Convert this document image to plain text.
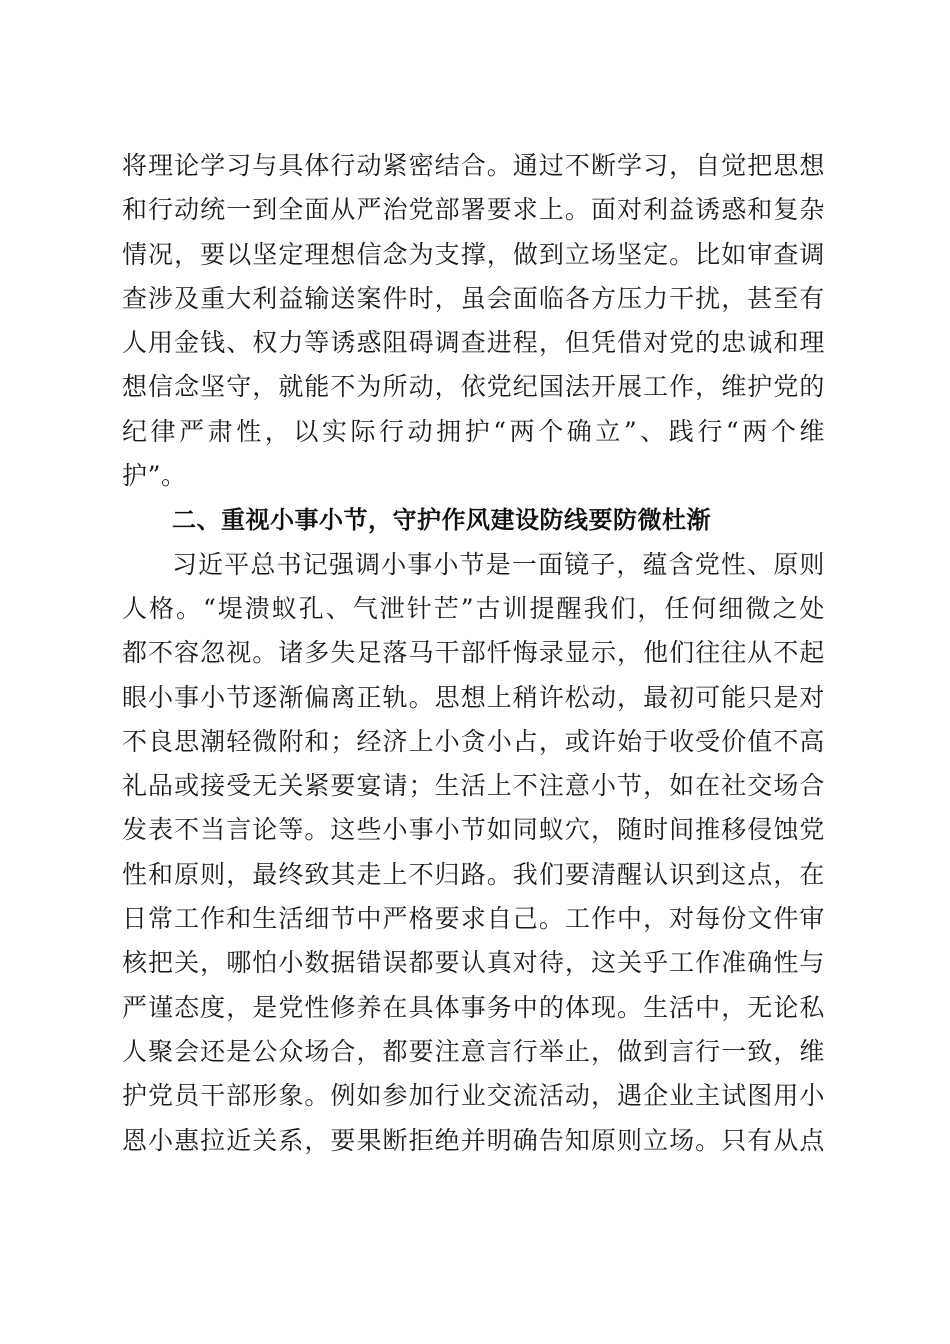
将理论学习与具体行动紧密结合。通过不断学习，自觉把思想
和行动统一到全面从严治党部署要求上。面对利益诱惑和复杂
情况，要以坚定理想信念为支撑，做到立场坚定。比如审查调
查涉及重大利益输送案件时，虽会面临各方压力干扰，甚至有
人用金钱、权力等诱惑阻碍调查进程，但凭借对党的忠诚和理
想信念坚守，就能不为所动，依党纪国法开展工作，维护党的
纪律严肃性，以实际行动拥护“两个确立”、践行“两个维
护”。
二、重视小事小节，守护作风建设防线要防微杜渐
习近平总书记强调小事小节是一面镜子，蕴含党性、原则
人格。“堤溃蚁孔、气泄针芒”古训提醒我们，任何细微之处
都不容忽视。诸多失足落马干部忏悔录显示，他们往往从不起
眼小事小节逐渐偏离正轨。思想上稍许松动，最初可能只是对
不良思潮轻微附和；经济上小贪小占，或许始于收受价值不高
礼品或接受无关紧要宴请；生活上不注意小节，如在社交场合
发表不当言论等。这些小事小节如同蚁穴，随时间推移侵蚀党
性和原则，最终致其走上不归路。我们要清醒认识到这点，在
日常工作和生活细节中严格要求自己。工作中，对每份文件审
核把关，哪怕小数据错误都要认真对待，这关乎工作准确性与
严谨态度，是党性修养在具体事务中的体现。生活中，无论私
人聚会还是公众场合，都要注意言行举止，做到言行一致，维
护党员干部形象。例如参加行业交流活动，遇企业主试图用小
恩小惠拉近关系，要果断拒绝并明确告知原则立场。只有从点
